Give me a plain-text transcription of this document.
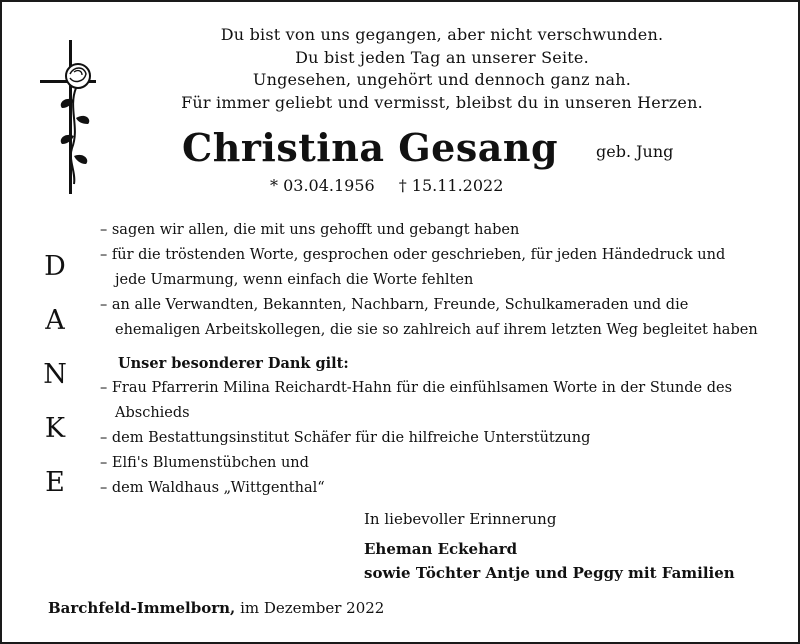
Du bist von uns gegangen, aber nicht verschwunden.
Du bist jeden Tag an unserer Seite.
Ungesehen, ungehört und dennoch ganz nah.
Für immer geliebt und vermisst, bleibst du in unseren Herzen.
Christina Gesang geb. Jung
* 03.04.1956 † 15.11.2022
D
A
N
K
E
– sagen wir allen, die mit uns gehofft und gebangt haben
– für die tröstenden Worte, gesprochen oder geschrieben, für jeden Händedruck und
jede Umarmung, wenn einfach die Worte fehlten
– an alle Verwandten, Bekannten, Nachbarn, Freunde, Schulkameraden und die
ehemaligen Arbeitskollegen, die sie so zahlreich auf ihrem letzten Weg begleitet haben
Unser besonderer Dank gilt:
– Frau Pfarrerin Milina Reichardt-Hahn für die einfühlsamen Worte in der Stunde des
Abschieds
– dem Bestattungsinstitut Schäfer für die hilfreiche Unterstützung
– Elfi's Blumenstübchen und
– dem Waldhaus „Wittgenthal“
In liebevoller Erinnerung
Eheman Eckehard
sowie Töchter Antje und Peggy mit Familien
Barchfeld-Immelborn, im Dezember 2022
